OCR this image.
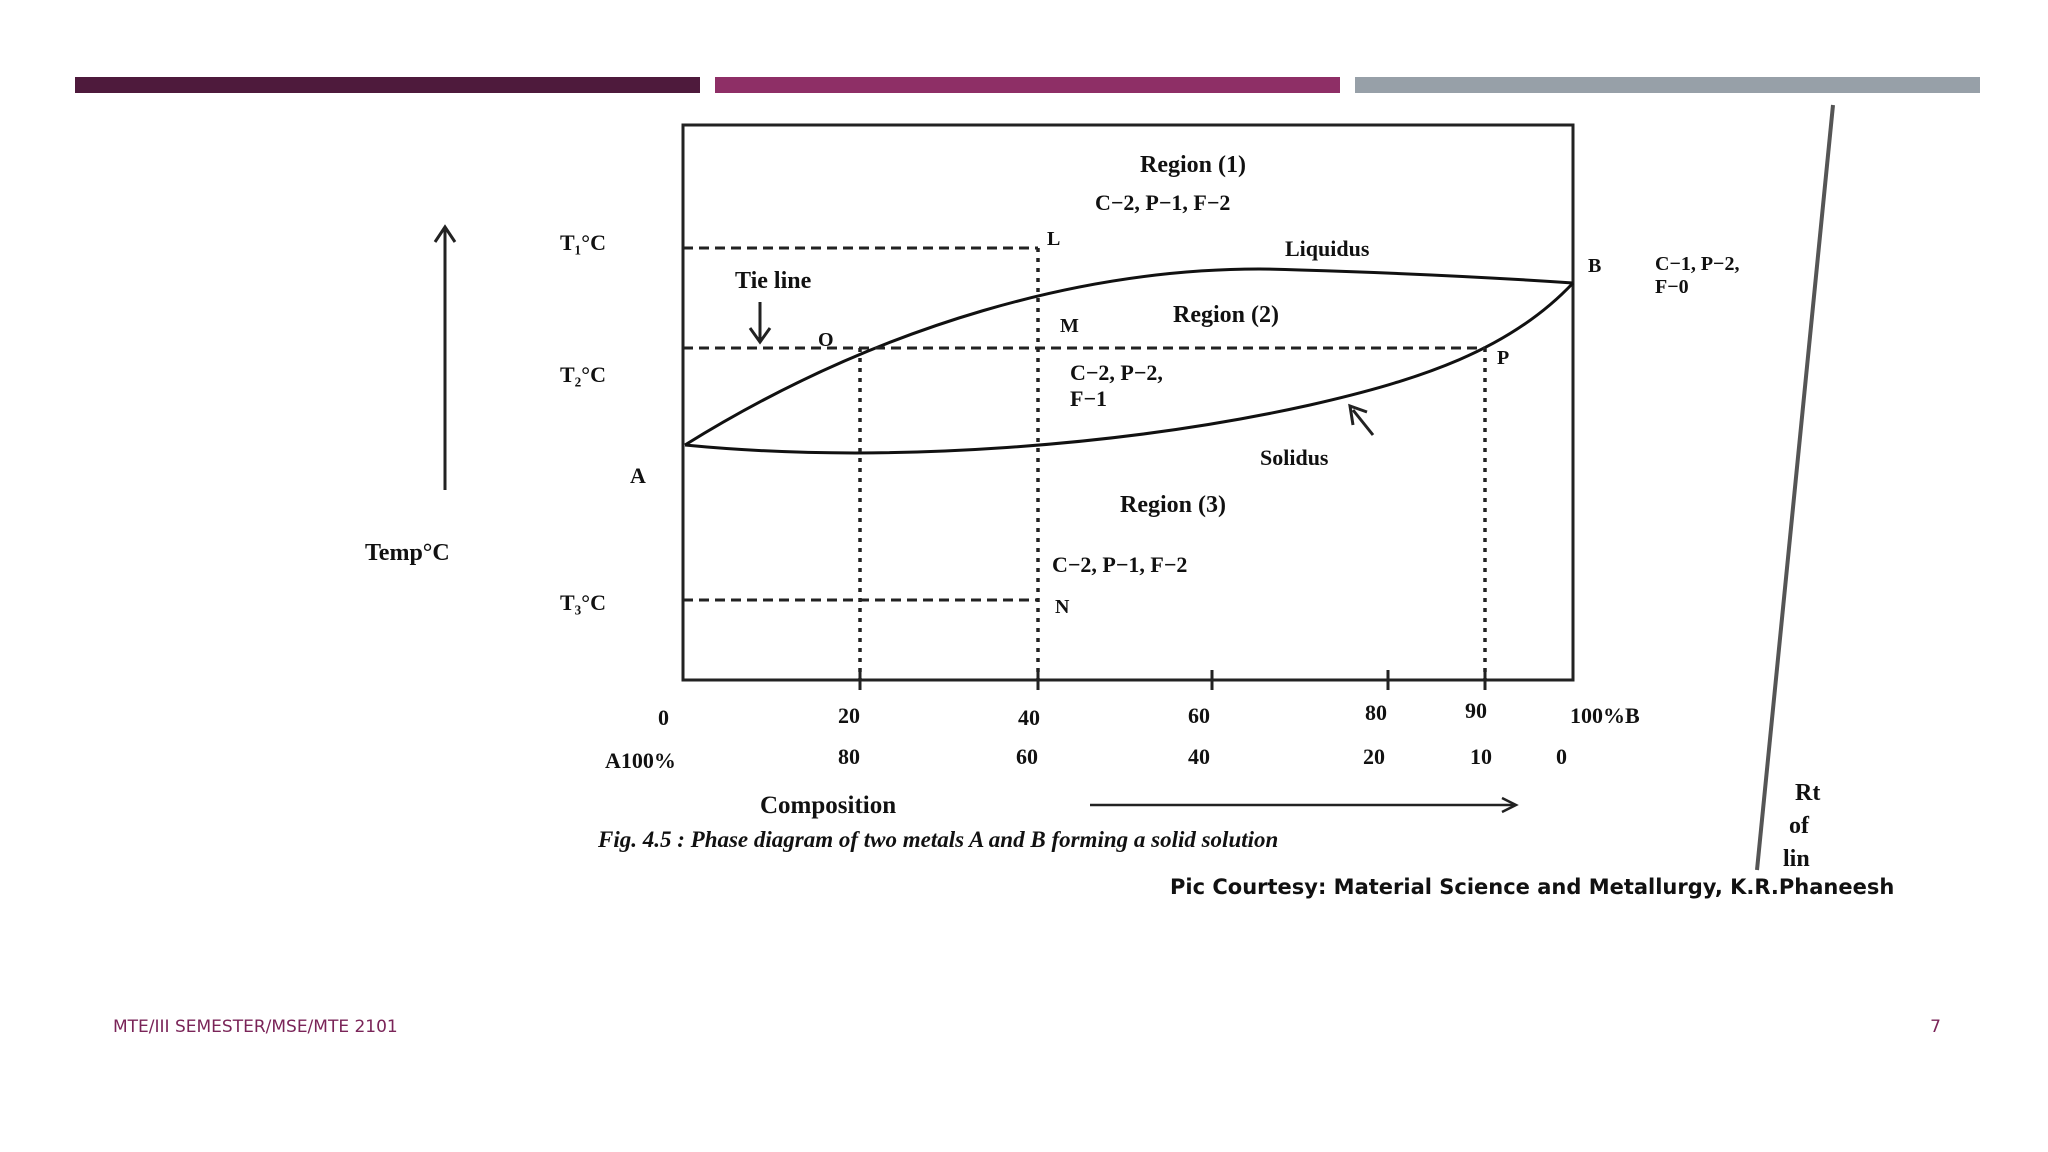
Region (1)
C−2, P−1, F−2
Liquidus
Region (2)
C−2, P−2,
F−1
Solidus
Region (3)
C−2, P−1, F−2
Tie line
L
M
O
P
N
A
B	C−1, P−2,
F−0
T₁°C
T₂°C
T₃°C
Temp°C
0	20	40	60	80	90	100%B
A100%	80	60	40	20	10	0
Composition
Fig. 4.5 : Phase diagram of two metals A and B forming a solid solution
Rt
of
lin
Pic Courtesy: Material Science and Metallurgy, K.R.Phaneesh
MTE/III SEMESTER/MSE/MTE 2101	7
